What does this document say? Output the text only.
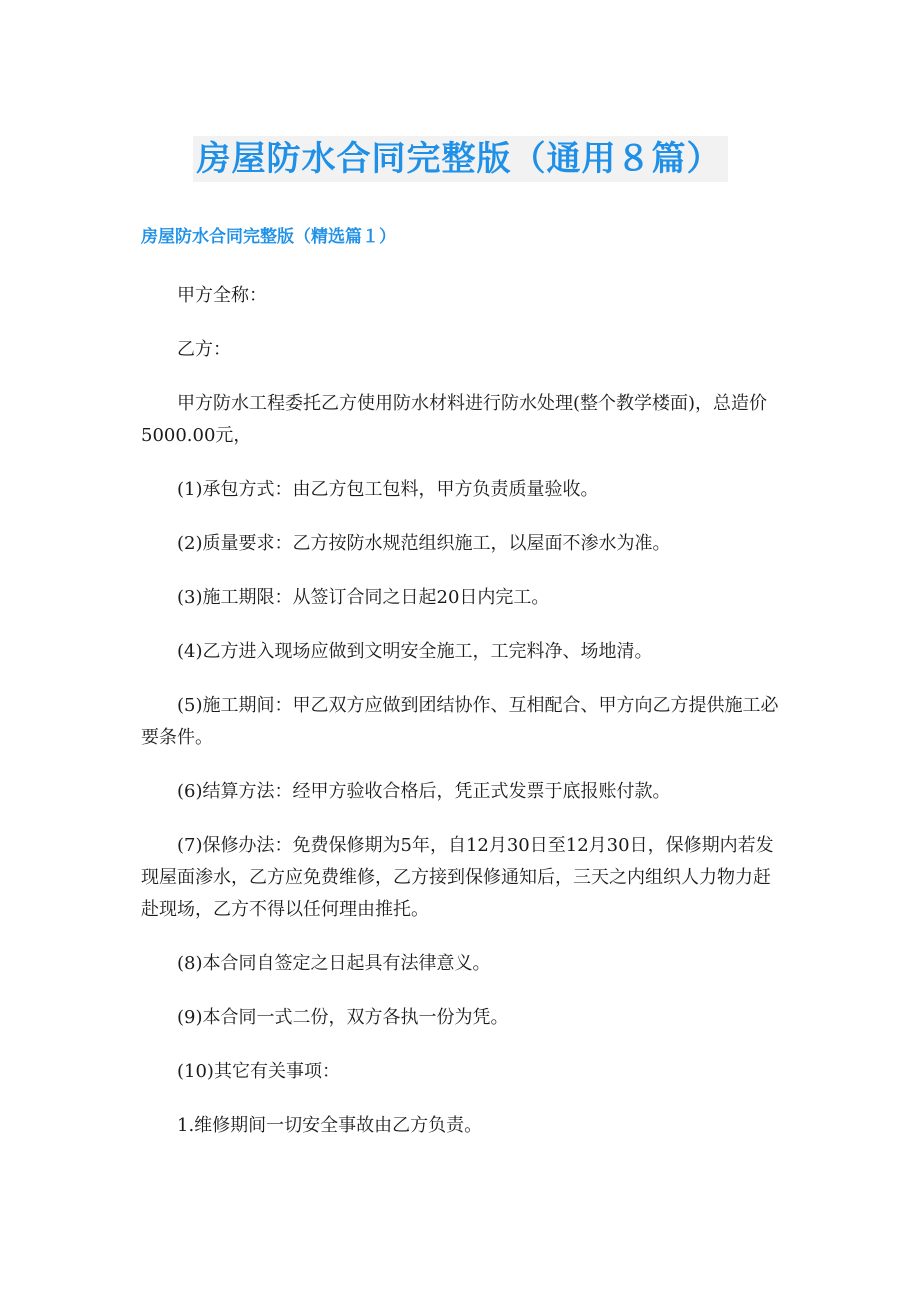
房屋防水合同完整版（通用８篇）
房屋防水合同完整版（精选篇１）

甲方全称：

乙方：

甲方防水工程委托乙方使用防水材料进行防水处理(整个教学楼面)，总造价5000.00元，

(1)承包方式：由乙方包工包料，甲方负责质量验收。

(2)质量要求：乙方按防水规范组织施工，以屋面不渗水为准。

(3)施工期限：从签订合同之日起20日内完工。

(4)乙方进入现场应做到文明安全施工，工完料净、场地清。

(5)施工期间：甲乙双方应做到团结协作、互相配合、甲方向乙方提供施工必要条件。

(6)结算方法：经甲方验收合格后，凭正式发票于底报账付款。

(7)保修办法：免费保修期为5年，自12月30日至12月30日，保修期内若发现屋面渗水，乙方应免费维修，乙方接到保修通知后，三天之内组织人力物力赶赴现场，乙方不得以任何理由推托。

(8)本合同自签定之日起具有法律意义。

(9)本合同一式二份，双方各执一份为凭。

(10)其它有关事项：

1.维修期间一切安全事故由乙方负责。
